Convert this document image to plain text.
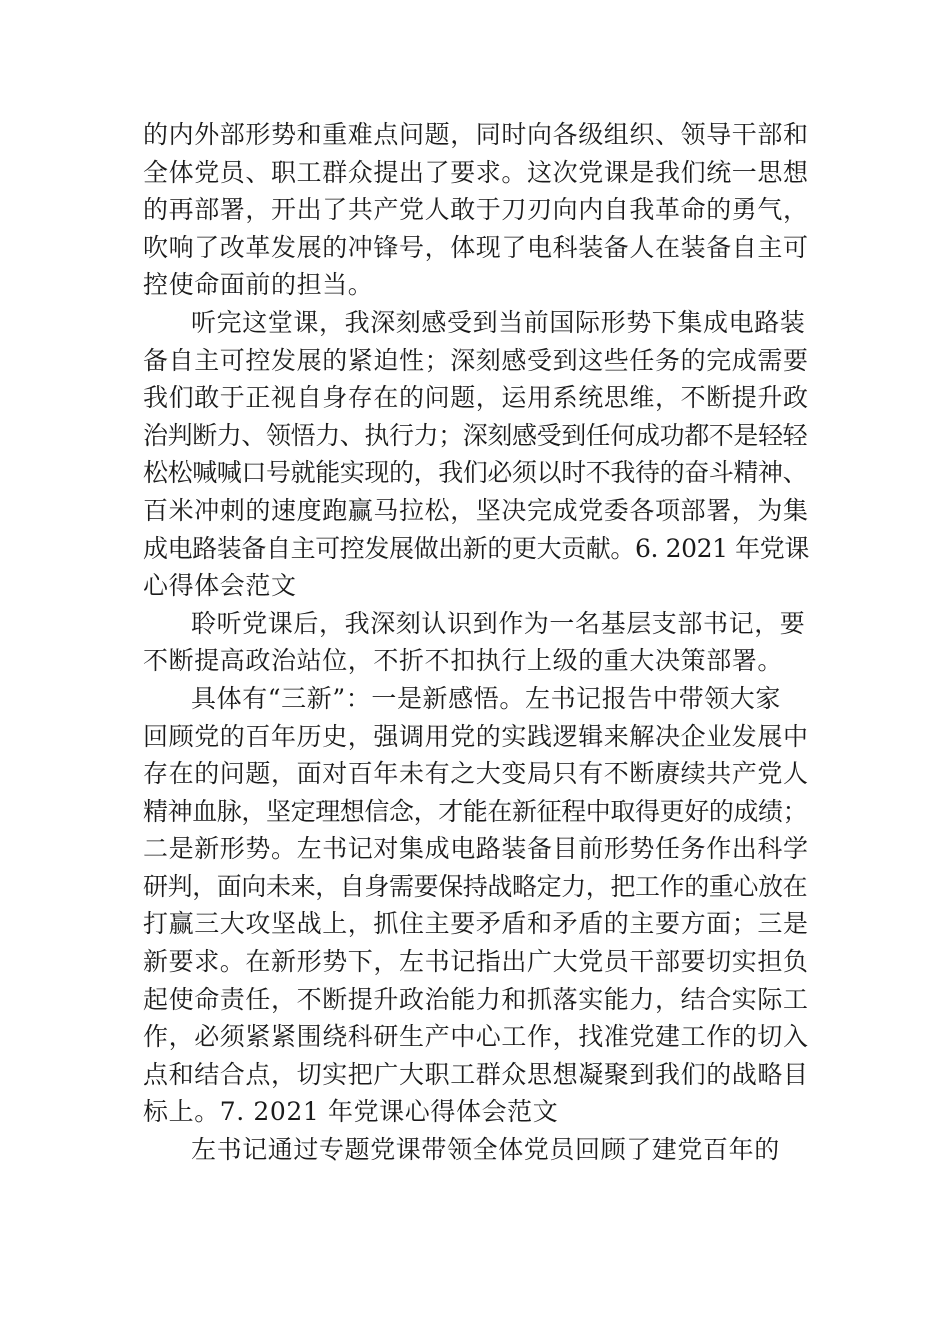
的内外部形势和重难点问题，同时向各级组织、领导干部和
全体党员、职工群众提出了要求。这次党课是我们统一思想
的再部署，开出了共产党人敢于刀刃向内自我革命的勇气，
吹响了改革发展的冲锋号，体现了电科装备人在装备自主可
控使命面前的担当。
听完这堂课，我深刻感受到当前国际形势下集成电路装
备自主可控发展的紧迫性；深刻感受到这些任务的完成需要
我们敢于正视自身存在的问题，运用系统思维，不断提升政
治判断力、领悟力、执行力；深刻感受到任何成功都不是轻轻
松松喊喊口号就能实现的，我们必须以时不我待的奋斗精神、
百米冲刺的速度跑赢马拉松，坚决完成党委各项部署，为集
成电路装备自主可控发展做出新的更大贡献。6. 2021 年党课
心得体会范文
聆听党课后，我深刻认识到作为一名基层支部书记，要
不断提高政治站位，不折不扣执行上级的重大决策部署。
具体有“三新”：一是新感悟。左书记报告中带领大家
回顾党的百年历史，强调用党的实践逻辑来解决企业发展中
存在的问题，面对百年未有之大变局只有不断赓续共产党人
精神血脉，坚定理想信念，才能在新征程中取得更好的成绩；
二是新形势。左书记对集成电路装备目前形势任务作出科学
研判，面向未来，自身需要保持战略定力，把工作的重心放在
打赢三大攻坚战上，抓住主要矛盾和矛盾的主要方面；三是
新要求。在新形势下，左书记指出广大党员干部要切实担负
起使命责任，不断提升政治能力和抓落实能力，结合实际工
作，必须紧紧围绕科研生产中心工作，找准党建工作的切入
点和结合点，切实把广大职工群众思想凝聚到我们的战略目
标上。7. 2021 年党课心得体会范文
左书记通过专题党课带领全体党员回顾了建党百年的
